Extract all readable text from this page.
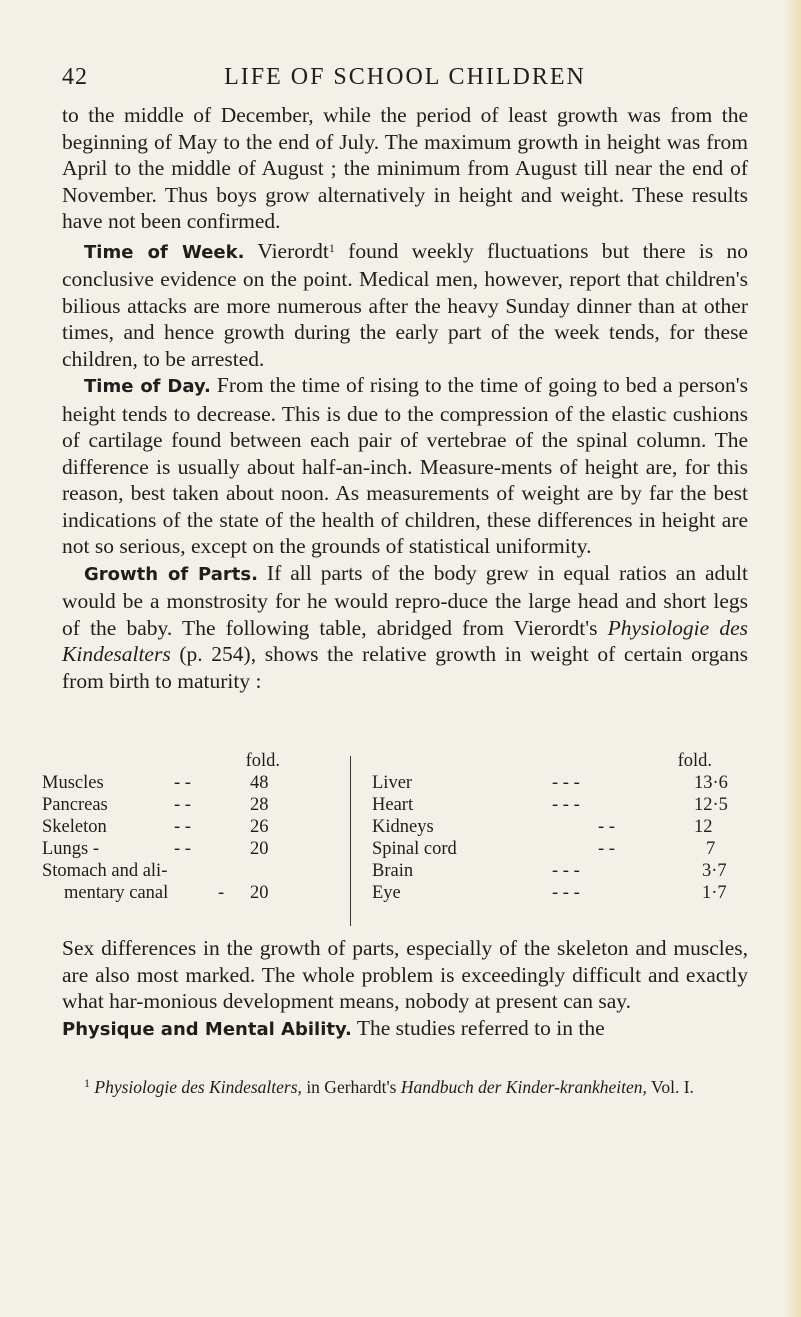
42	LIFE OF SCHOOL CHILDREN

to the middle of December, while the period of least growth was from the beginning of May to the end of July. The maximum growth in height was from April to the middle of August ; the minimum from August till near the end of November. Thus boys grow alternatively in height and weight. These results have not been confirmed.

Time of Week. Vierordt$^1$ found weekly fluctuations but there is no conclusive evidence on the point. Medical men, however, report that children's bilious attacks are more numerous after the heavy Sunday dinner than at other times, and hence growth during the early part of the week tends, for these children, to be arrested.

Time of Day. From the time of rising to the time of going to bed a person's height tends to decrease. This is due to the compression of the elastic cushions of cartilage found between each pair of vertebrae of the spinal column. The difference is usually about half-an-inch. Measure-ments of height are, for this reason, best taken about noon. As measurements of weight are by far the best indications of the state of the health of children, these differences in height are not so serious, except on the grounds of statistical uniformity.

Growth of Parts. If all parts of the body grew in equal ratios an adult would be a monstrosity for he would repro-duce the large head and short legs of the baby. The following table, abridged from Vierordt's Physiologie des Kindesalters (p. 254), shows the relative growth in weight of certain organs from birth to maturity :

fold.
Muscles	- -	48
Pancreas	- -	28
Skeleton	- -	26
Lungs -	- -	20
Stomach and ali-
mentary canal	- 20
fold.
Liver	- - -	13·6
Heart	- - -	12·5
Kidneys	- -	12
Spinal cord	- -	7
Brain	- - -	3·7
Eye	- - -	1·7

Sex differences in the growth of parts, especially of the skeleton and muscles, are also most marked. The whole problem is exceedingly difficult and exactly what har-monious development means, nobody at present can say.

Physique and Mental Ability. The studies referred to in the

$^1$ Physiologie des Kindesalters, in Gerhardt's Handbuch der Kinder-krankheiten, Vol. I.
